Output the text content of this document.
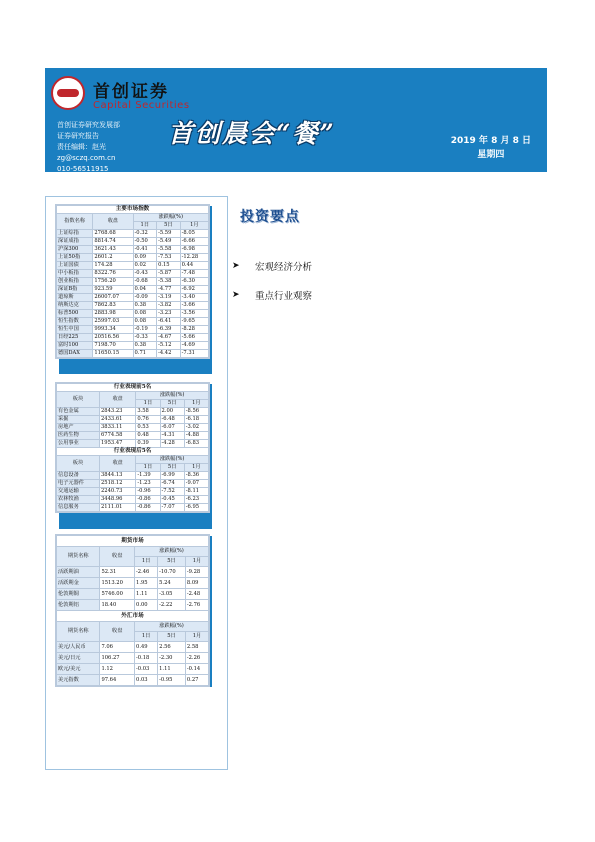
首创证券
Capital Securities
首创证券研究发展部
证券研究报告
责任编辑：赵光
zg@sczq.com.cn
010-56511915
首创晨会“餐”	2019 年 8 月 8 日
星期四
主要市场指数				
指数名称	收盘	涨跌幅(%)		
		1日	5日	1月
上证综指	2768.68	-0.32	-5.59	-8.05
深证成指	8814.74	-0.50	-5.49	-6.66
沪深300	3621.43	-0.41	-5.58	-6.98
上证50指	2601.2	0.09	-7.53	-12.28
上证国债	174.28	0.02	0.15	0.44
中小板指	8322.76	-0.43	-5.87	-7.48
创业板指	1756.20	-0.68	-5.38	-6.30
深证B指	923.59	0.04	-4.77	-6.92
道琼斯	26007.07	-0.09	-3.19	-3.40
纳斯达克	7862.83	0.38	-3.82	-3.66
标普500	2883.98	0.08	-3.23	-3.56
恒生指数	25997.03	0.08	-6.41	-9.65
恒生中国	9993.34	-0.19	-6.39	-8.28
日经225	20516.56	-0.33	-4.67	-5.66
富时100	7198.70	0.38	-5.12	-4.69
德国DAX	11650.15	0.71	-4.42	-7.31
行业表现前5名				
板块	收盘	涨跌幅(%)		
		1日	5日	1月
有色金属	2843.23	3.58	2.00	-8.56
采掘	2433.61	0.76	-6.48	-6.18
房地产	3833.11	0.53	-6.07	-3.02
医药生物	6774.58	0.48	-4.31	-4.88
公用事业	1953.47	0.39	-4.28	-6.83
行业表现后5名				
板块	收盘	涨跌幅(%)		
		1日	5日	1月
信息设备	3844.13	-1.39	-6.99	-8.36
电子元器件	2518.12	-1.23	-6.74	-9.07
交通运输	2240.73	-0.96	-7.52	-8.11
农林牧渔	3448.96	-0.86	-0.45	-6.23
信息服务	2111.01	-0.86	-7.07	-6.95
期货市场				
期货名称	收盘	涨跌幅(%)		
		1日	5日	1月
活跃期油	52.31	-2.46	-10.70	-9.28
活跃期金	1513.20	1.95	5.24	8.09
伦敦期铜	5746.00	1.11	-3.05	-2.48
伦敦期铝	18.40	0.00	-2.22	-2.76
外汇市场				
期货名称	收盘	涨跌幅(%)		
		1日	5日	1月
美元/人民币	7.06	0.49	2.56	2.58
美元/日元	106.27	-0.18	-2.30	-2.26
欧元/美元	1.12	-0.03	1.11	-0.14
美元指数	97.64	0.03	-0.95	0.27
投资要点
➤ 宏观经济分析
➤ 重点行业观察
